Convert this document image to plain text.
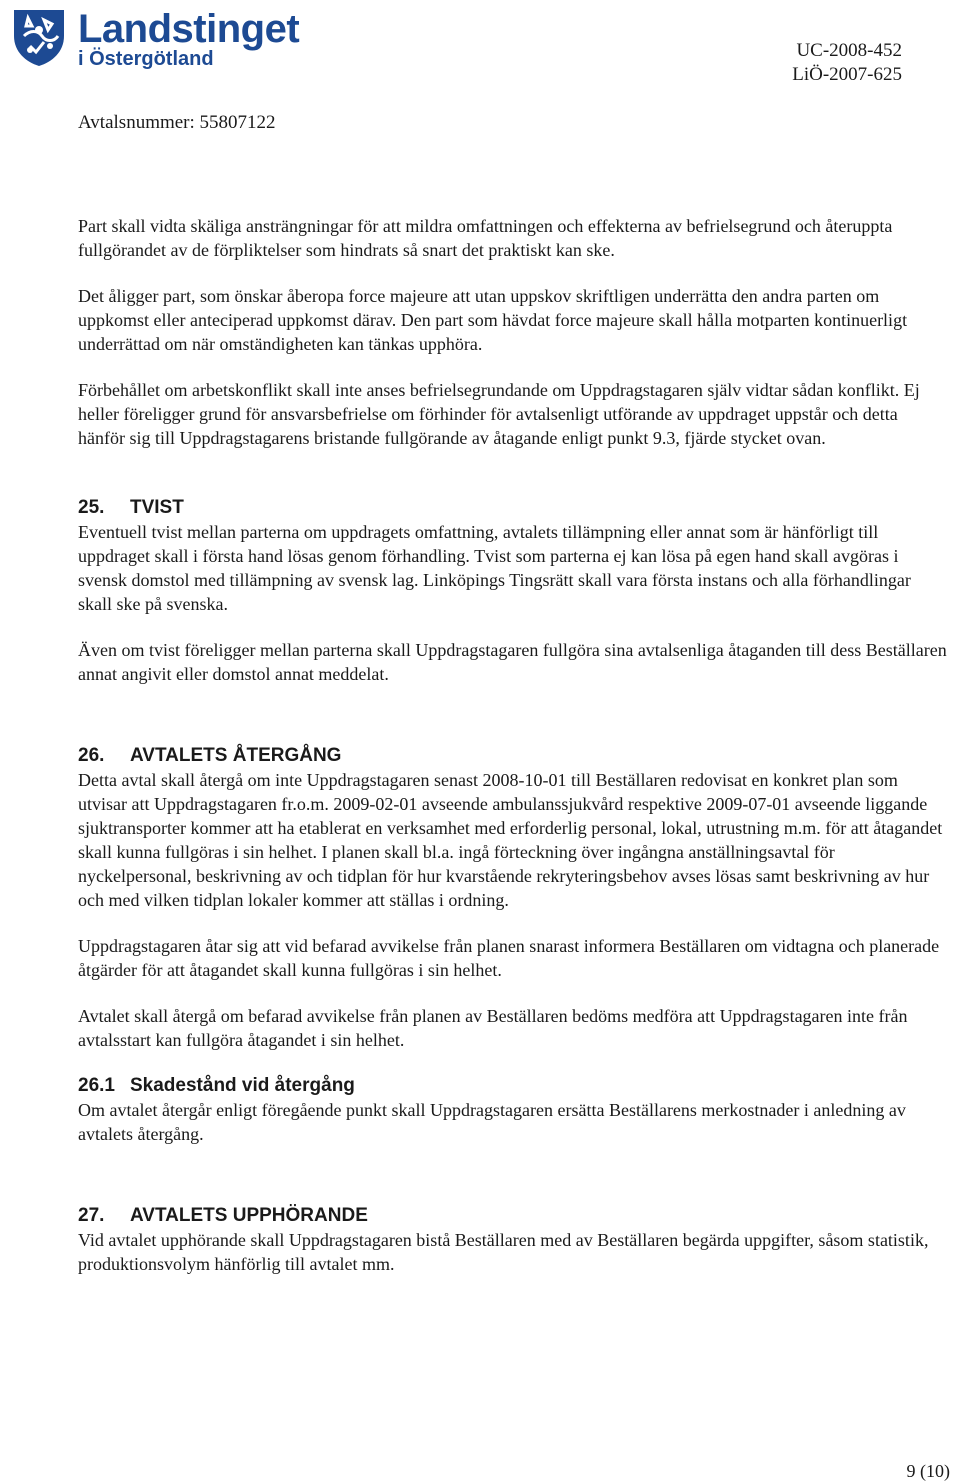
Landstinget
i Östergötland	UC-2008-452
LiÖ-2007-625
Avtalsnummer: 55807122

Part skall vidta skäliga ansträngningar för att mildra omfattningen och effekterna av befrielsegrund och återuppta fullgörandet av de förpliktelser som hindrats så snart det praktiskt kan ske.

Det åligger part, som önskar åberopa force majeure att utan uppskov skriftligen underrätta den andra parten om uppkomst eller anteciperad uppkomst därav. Den part som hävdat force majeure skall hålla motparten kontinuerligt underrättad om när omständigheten kan tänkas upphöra.

Förbehållet om arbetskonflikt skall inte anses befrielsegrundande om Uppdragstagaren själv vidtar sådan konflikt. Ej heller föreligger grund för ansvarsbefrielse om förhinder för avtalsenligt utförande av uppdraget uppstår och detta hänför sig till Uppdragstagarens bristande fullgörande av åtagande enligt punkt 9.3, fjärde stycket ovan.

25. TVIST

Eventuell tvist mellan parterna om uppdragets omfattning, avtalets tillämpning eller annat som är hänförligt till uppdraget skall i första hand lösas genom förhandling. Tvist som parterna ej kan lösa på egen hand skall avgöras i svensk domstol med tillämpning av svensk lag. Linköpings Tingsrätt skall vara första instans och alla förhandlingar skall ske på svenska.

Även om tvist föreligger mellan parterna skall Uppdragstagaren fullgöra sina avtalsenliga åtaganden till dess Beställaren annat angivit eller domstol annat meddelat.

26. AVTALETS ÅTERGÅNG

Detta avtal skall återgå om inte Uppdragstagaren senast 2008-10-01 till Beställaren redovisat en konkret plan som utvisar att Uppdragstagaren fr.o.m. 2009-02-01 avseende ambulanssjukvård respektive 2009-07-01 avseende liggande sjuktransporter kommer att ha etablerat en verksamhet med erforderlig personal, lokal, utrustning m.m. för att åtagandet skall kunna fullgöras i sin helhet. I planen skall bl.a. ingå förteckning över ingångna anställningsavtal för nyckelpersonal, beskrivning av och tidplan för hur kvarstående rekryteringsbehov avses lösas samt beskrivning av hur och med vilken tidplan lokaler kommer att ställas i ordning.

Uppdragstagaren åtar sig att vid befarad avvikelse från planen snarast informera Beställaren om vidtagna och planerade åtgärder för att åtagandet skall kunna fullgöras i sin helhet.

Avtalet skall återgå om befarad avvikelse från planen av Beställaren bedöms medföra att Uppdragstagaren inte från avtalsstart kan fullgöra åtagandet i sin helhet.

26.1 Skadestånd vid återgång

Om avtalet återgår enligt föregående punkt skall Uppdragstagaren ersätta Beställarens merkostnader i anledning av avtalets återgång.

27. AVTALETS UPPHÖRANDE

Vid avtalet upphörande skall Uppdragstagaren bistå Beställaren med av Beställaren begärda uppgifter, såsom statistik, produktionsvolym hänförlig till avtalet mm.

9 (10)
